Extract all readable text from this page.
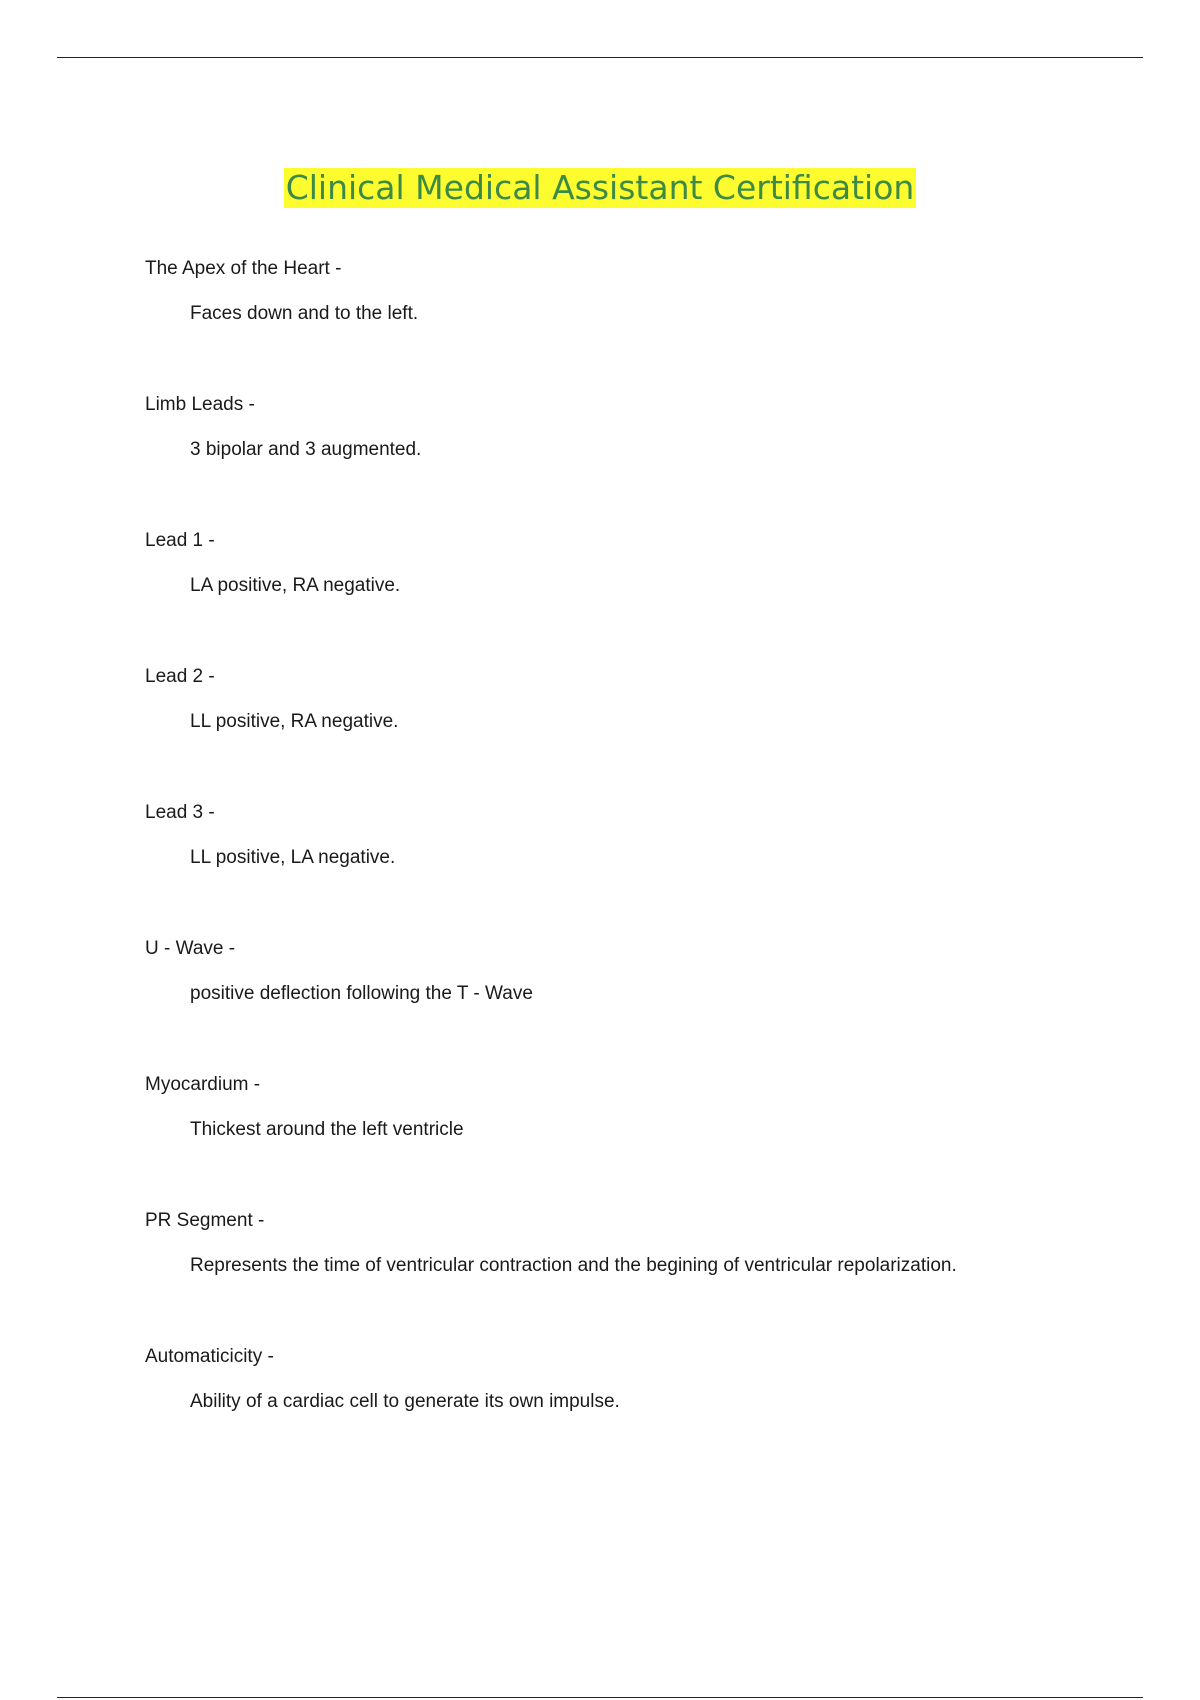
Clinical Medical Assistant Certification
The Apex of the Heart -
Faces down and to the left.
Limb Leads -
3 bipolar and 3 augmented.
Lead 1 -
LA positive, RA negative.
Lead 2 -
LL positive, RA negative.
Lead 3 -
LL positive, LA negative.
U - Wave -
positive deflection following the T - Wave
Myocardium -
Thickest around the left ventricle
PR Segment -
Represents the time of ventricular contraction and the begining of ventricular repolarization.
Automaticicity -
Ability of a cardiac cell to generate its own impulse.
